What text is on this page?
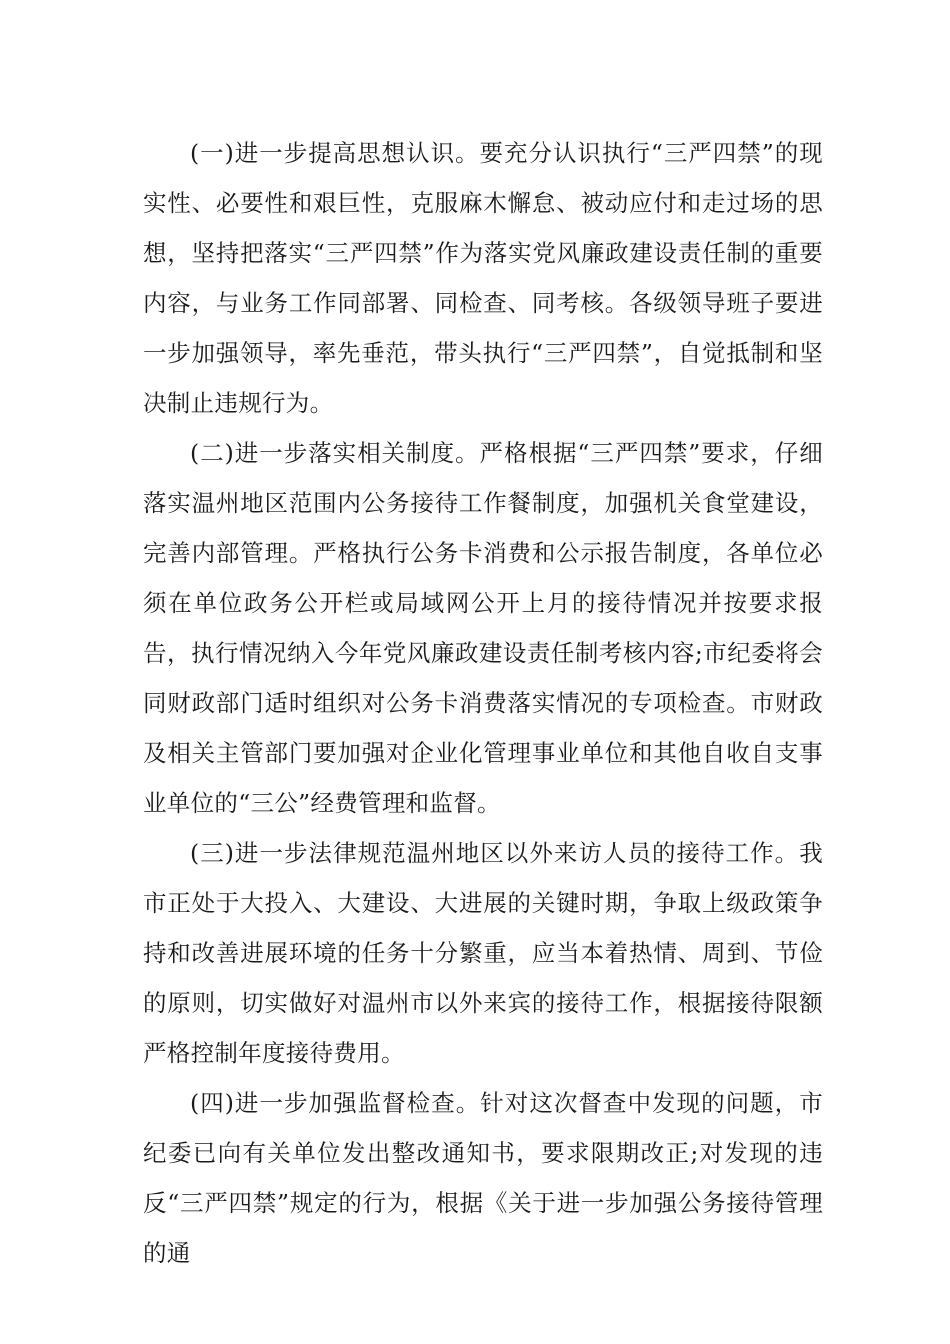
(一)进一步提高思想认识。要充分认识执行“三严四禁”的现实性、必要性和艰巨性，克服麻木懈怠、被动应付和走过场的思想，坚持把落实“三严四禁”作为落实党风廉政建设责任制的重要内容，与业务工作同部署、同检查、同考核。各级领导班子要进一步加强领导，率先垂范，带头执行“三严四禁”，自觉抵制和坚决制止违规行为。

(二)进一步落实相关制度。严格根据“三严四禁”要求，仔细落实温州地区范围内公务接待工作餐制度，加强机关食堂建设，完善内部管理。严格执行公务卡消费和公示报告制度，各单位必须在单位政务公开栏或局域网公开上月的接待情况并按要求报告，执行情况纳入今年党风廉政建设责任制考核内容;市纪委将会同财政部门适时组织对公务卡消费落实情况的专项检查。市财政及相关主管部门要加强对企业化管理事业单位和其他自收自支事业单位的“三公”经费管理和监督。

(三)进一步法律规范温州地区以外来访人员的接待工作。我市正处于大投入、大建设、大进展的关键时期，争取上级政策争持和改善进展环境的任务十分繁重，应当本着热情、周到、节俭的原则，切实做好对温州市以外来宾的接待工作，根据接待限额严格控制年度接待费用。

(四)进一步加强监督检查。针对这次督查中发现的问题，市纪委已向有关单位发出整改通知书，要求限期改正;对发现的违反“三严四禁”规定的行为，根据《关于进一步加强公务接待管理的通
